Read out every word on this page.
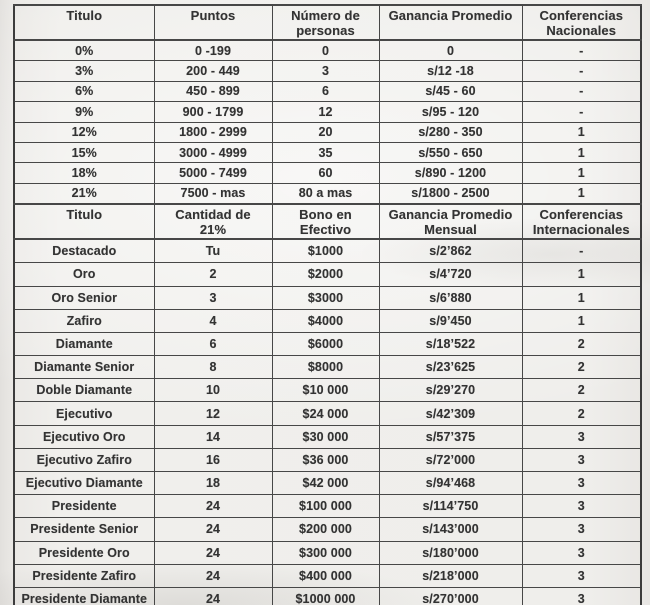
Titulo	Puntos	Número de personas	Ganancia Promedio	Conferencias Nacionales
0%	0 -199	0	0	-
3%	200 - 449	3	s/12 -18	-
6%	450 - 899	6	s/45 - 60	-
9%	900 - 1799	12	s/95 - 120	-
12%	1800 - 2999	20	s/280 - 350	1
15%	3000 - 4999	35	s/550 - 650	1
18%	5000 - 7499	60	s/890 - 1200	1
21%	7500 - mas	80 a mas	s/1800 - 2500	1
Titulo	Cantidad de 21%	Bono en Efectivo	Ganancia Promedio Mensual	Conferencias Internacionales
Destacado	Tu	$1000	s/2’862	-
Oro	2	$2000	s/4’720	1
Oro Senior	3	$3000	s/6’880	1
Zafiro	4	$4000	s/9’450	1
Diamante	6	$6000	s/18’522	2
Diamante Senior	8	$8000	s/23’625	2
Doble Diamante	10	$10 000	s/29’270	2
Ejecutivo	12	$24 000	s/42’309	2
Ejecutivo Oro	14	$30 000	s/57’375	3
Ejecutivo Zafiro	16	$36 000	s/72’000	3
Ejecutivo Diamante	18	$42 000	s/94’468	3
Presidente	24	$100 000	s/114’750	3
Presidente Senior	24	$200 000	s/143’000	3
Presidente Oro	24	$300 000	s/180’000	3
Presidente Zafiro	24	$400 000	s/218’000	3
Presidente Diamante	24	$1000 000	s/270’000	3
